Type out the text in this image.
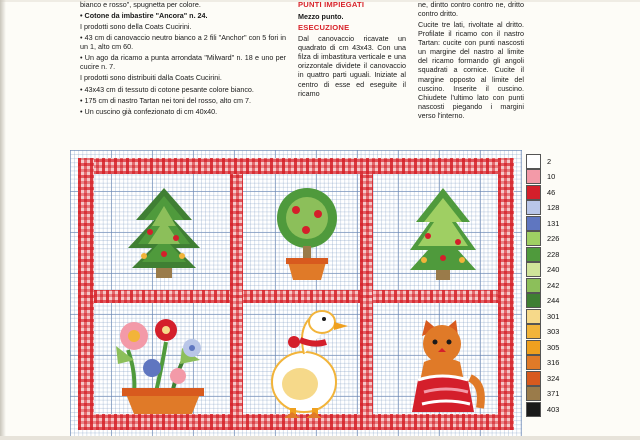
bianco e rosso", spugnetta per colore.

• Cotone da imbastire "Ancora" n. 24.

I prodotti sono della Coats Cucirini.

• 43 cm di canovaccio neutro bianco a 2 fili "Anchor" con 5 fori in un 1, alto cm 60.

• Un ago da ricamo a punta arrondata "Milward" n. 18 e uno per cucire n. 7.

I prodotti sono distribuiti dalla Coats Cucirini.

• 43x43 cm di tessuto di cotone pesante colore bianco.

• 175 cm di nastro Tartan nei toni del rosso, alto cm 7.

• Un cuscino già confezionato di cm 40x40.

PUNTI IMPIEGATI

Mezzo punto.

ESECUZIONE

Dal canovaccio ricavate un quadrato di cm 43x43. Con una filza di imbastitura verticale e una orizzontale dividete il canovaccio in quattro parti uguali. Iniziate al centro di esse ed eseguite il ricamo

ne, dintto contro contro ne, dritto contro dritto.

Cucite tre lati, rivoltate al dritto. Profilate il ricamo con il nastro Tartan: cucite con punti nascosti un margine del nastro al limite del ricamo formando gli angoli squadrati a cornice. Cucite il margine opposto al limite del cuscino. Inserite il cuscino. Chiudete l'ultimo lato con punti nascosti piegando i margini verso l'interno.

2
10
46
128
131
226
228
240
242
244
301
303
305
316
324
371
403
